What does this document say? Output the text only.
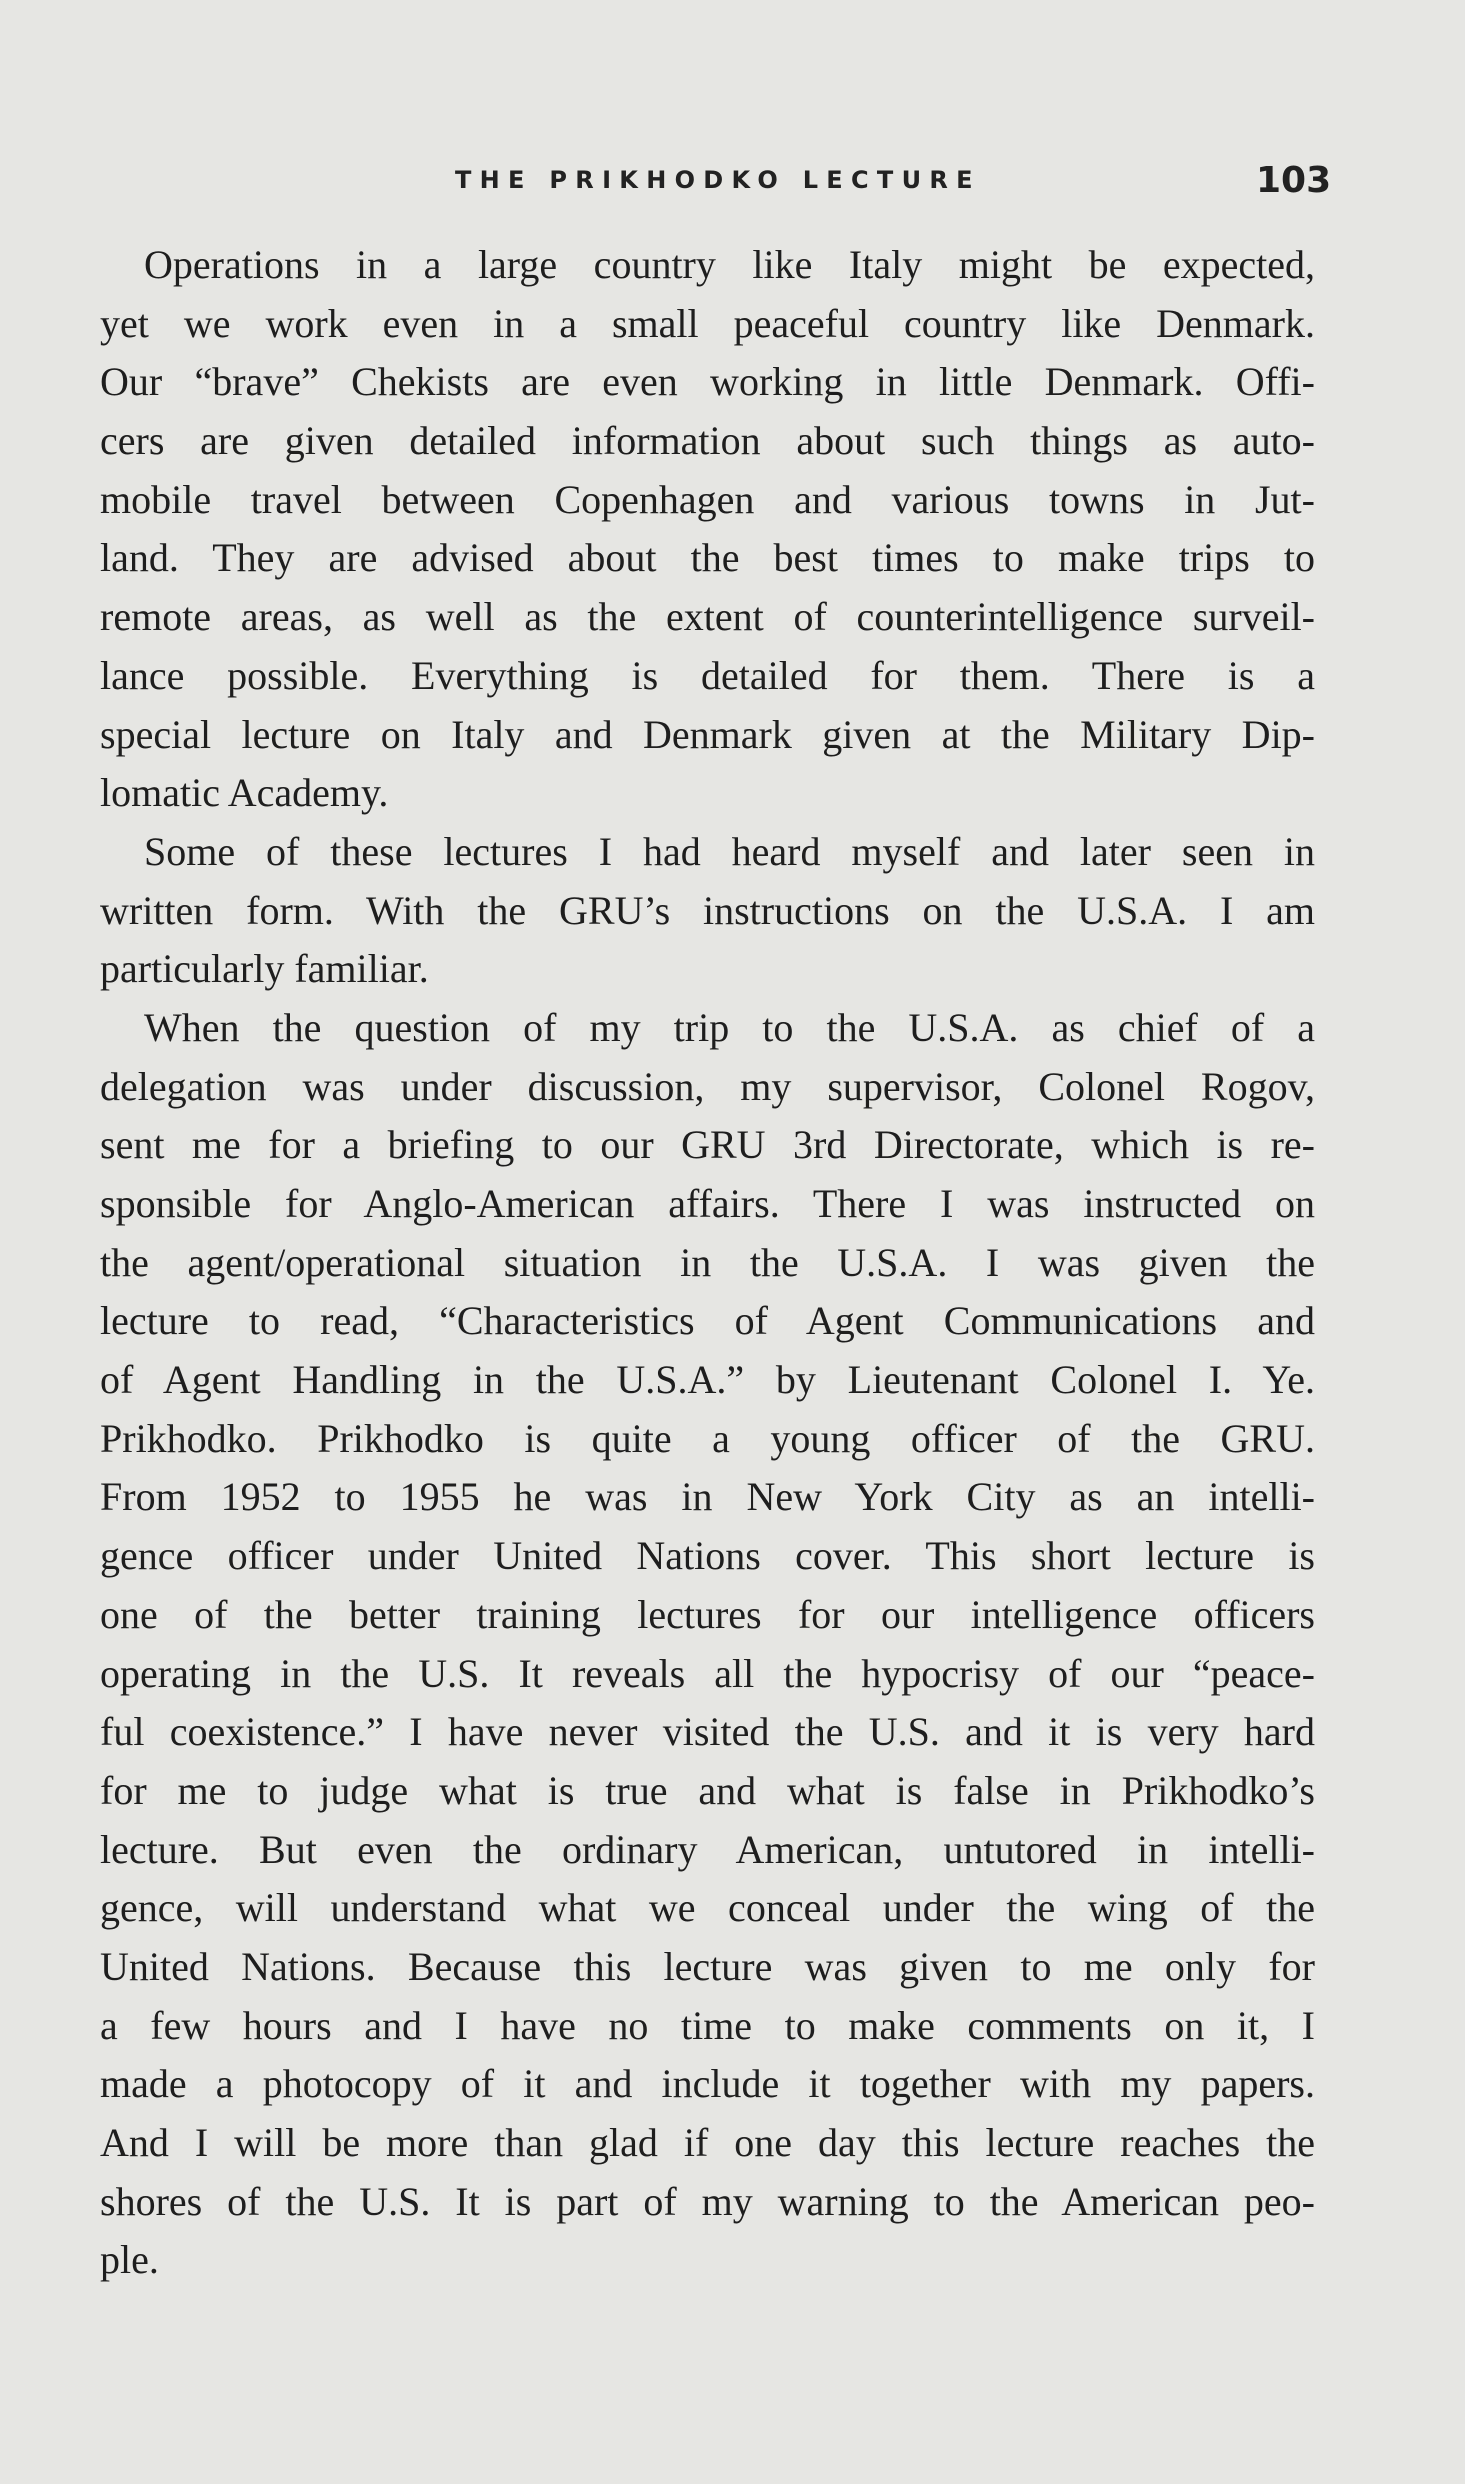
THE PRIKHODKO LECTURE	103
Operations in a large country like Italy might be expected,
yet we work even in a small peaceful country like Denmark.
Our “brave” Chekists are even working in little Denmark. Offi-
cers are given detailed information about such things as auto-
mobile travel between Copenhagen and various towns in Jut-
land. They are advised about the best times to make trips to
remote areas, as well as the extent of counterintelligence surveil-
lance possible. Everything is detailed for them. There is a
special lecture on Italy and Denmark given at the Military Dip-
lomatic Academy.
Some of these lectures I had heard myself and later seen in
written form. With the GRU’s instructions on the U.S.A. I am
particularly familiar.
When the question of my trip to the U.S.A. as chief of a
delegation was under discussion, my supervisor, Colonel Rogov,
sent me for a briefing to our GRU 3rd Directorate, which is re-
sponsible for Anglo-American affairs. There I was instructed on
the agent/operational situation in the U.S.A. I was given the
lecture to read, “Characteristics of Agent Communications and
of Agent Handling in the U.S.A.” by Lieutenant Colonel I. Ye.
Prikhodko. Prikhodko is quite a young officer of the GRU.
From 1952 to 1955 he was in New York City as an intelli-
gence officer under United Nations cover. This short lecture is
one of the better training lectures for our intelligence officers
operating in the U.S. It reveals all the hypocrisy of our “peace-
ful coexistence.” I have never visited the U.S. and it is very hard
for me to judge what is true and what is false in Prikhodko’s
lecture. But even the ordinary American, untutored in intelli-
gence, will understand what we conceal under the wing of the
United Nations. Because this lecture was given to me only for
a few hours and I have no time to make comments on it, I
made a photocopy of it and include it together with my papers.
And I will be more than glad if one day this lecture reaches the
shores of the U.S. It is part of my warning to the American peo-
ple.
